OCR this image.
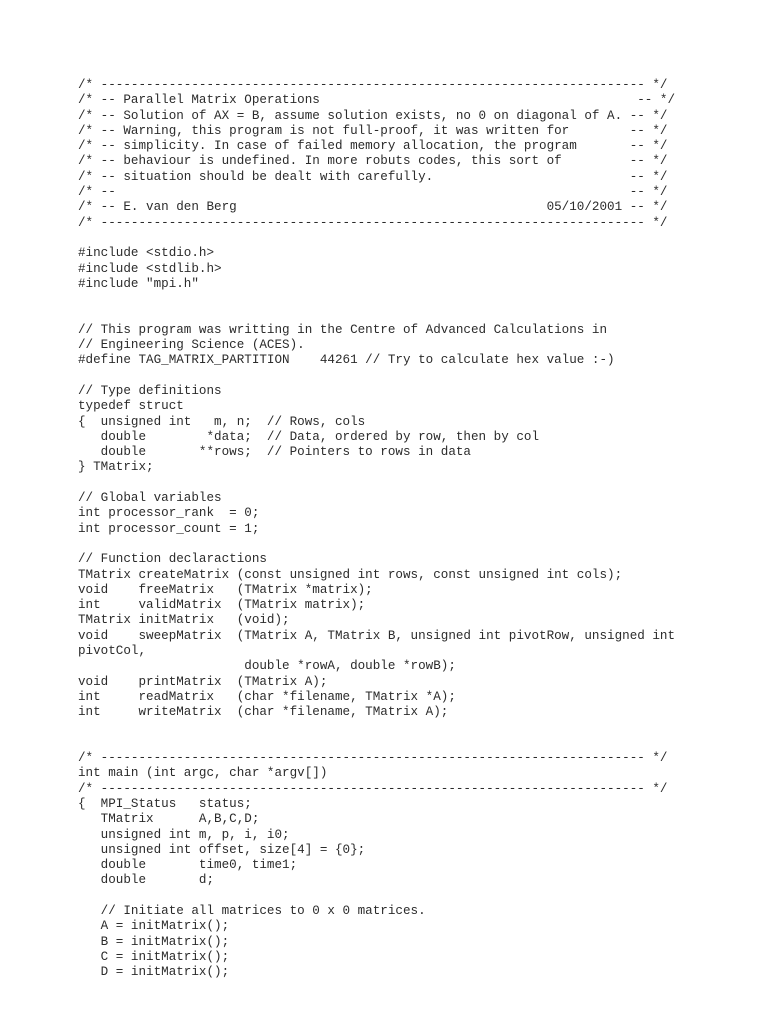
/* ------------------------------------------------------------------------ */
/* -- Parallel Matrix Operations                                          -- */
/* -- Solution of AX = B, assume solution exists, no 0 on diagonal of A. -- */
/* -- Warning, this program is not full-proof, it was written for        -- */
/* -- simplicity. In case of failed memory allocation, the program       -- */
/* -- behaviour is undefined. In more robuts codes, this sort of         -- */
/* -- situation should be dealt with carefully.                          -- */
/* --                                                                    -- */
/* -- E. van den Berg                                         05/10/2001 -- */
/* ------------------------------------------------------------------------ */
#include <stdio.h>
#include <stdlib.h>
#include "mpi.h"
// This program was writting in the Centre of Advanced Calculations in
// Engineering Science (ACES).
#define TAG_MATRIX_PARTITION    44261 // Try to calculate hex value :-)
// Type definitions
typedef struct
{  unsigned int   m, n;  // Rows, cols
double        *data;  // Data, ordered by row, then by col
double       **rows;  // Pointers to rows in data
} TMatrix;
// Global variables
int processor_rank  = 0;
int processor_count = 1;
// Function declaractions
TMatrix createMatrix (const unsigned int rows, const unsigned int cols);
void    freeMatrix   (TMatrix *matrix);
int     validMatrix  (TMatrix matrix);
TMatrix initMatrix   (void);
void    sweepMatrix  (TMatrix A, TMatrix B, unsigned int pivotRow, unsigned int
pivotCol,
double *rowA, double *rowB);
void    printMatrix  (TMatrix A);
int     readMatrix   (char *filename, TMatrix *A);
int     writeMatrix  (char *filename, TMatrix A);
/* ------------------------------------------------------------------------ */
int main (int argc, char *argv[])
/* ------------------------------------------------------------------------ */
{  MPI_Status   status;
TMatrix      A,B,C,D;
unsigned int m, p, i, i0;
unsigned int offset, size[4] = {0};
double       time0, time1;
double       d;
// Initiate all matrices to 0 x 0 matrices.
A = initMatrix();
B = initMatrix();
C = initMatrix();
D = initMatrix();
